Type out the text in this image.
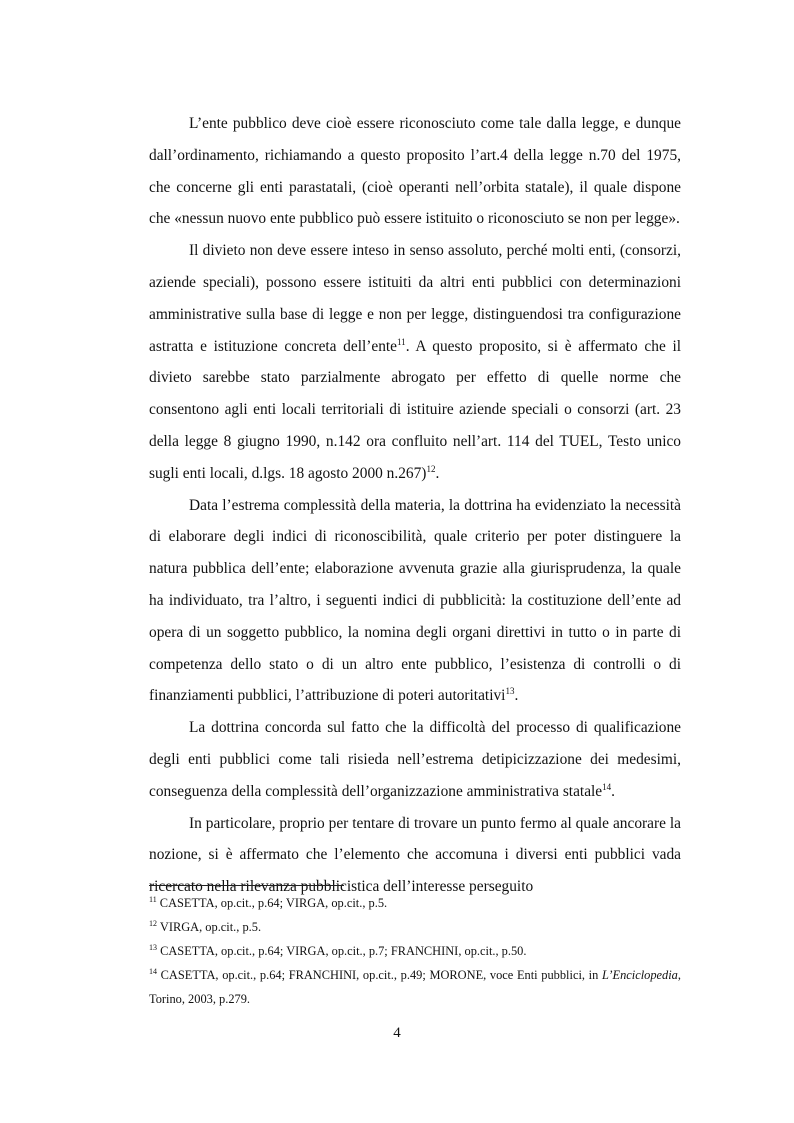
L’ente pubblico deve cioè essere riconosciuto come tale dalla legge, e dunque dall’ordinamento, richiamando a questo proposito l’art.4 della legge n.70 del 1975, che concerne gli enti parastatali, (cioè operanti nell’orbita statale), il quale dispone che «nessun nuovo ente pubblico può essere istituito o riconosciuto se non per legge».

Il divieto non deve essere inteso in senso assoluto, perché molti enti, (consorzi, aziende speciali), possono essere istituiti da altri enti pubblici con determinazioni amministrative sulla base di legge e non per legge, distinguendosi tra configurazione astratta e istituzione concreta dell’ente$^{11}$. A questo proposito, si è affermato che il divieto sarebbe stato parzialmente abrogato per effetto di quelle norme che consentono agli enti locali territoriali di istituire aziende speciali o consorzi (art. 23 della legge 8 giugno 1990, n.142 ora confluito nell’art. 114 del TUEL, Testo unico sugli enti locali, d.lgs. 18 agosto 2000 n.267)$^{12}$.

Data l’estrema complessità della materia, la dottrina ha evidenziato la necessità di elaborare degli indici di riconoscibilità, quale criterio per poter distinguere la natura pubblica dell’ente; elaborazione avvenuta grazie alla giurisprudenza, la quale ha individuato, tra l’altro, i seguenti indici di pubblicità: la costituzione dell’ente ad opera di un soggetto pubblico, la nomina degli organi direttivi in tutto o in parte di competenza dello stato o di un altro ente pubblico, l’esistenza di controlli o di finanziamenti pubblici, l’attribuzione di poteri autoritativi$^{13}$.

La dottrina concorda sul fatto che la difficoltà del processo di qualificazione degli enti pubblici come tali risieda nell’estrema detipicizzazione dei medesimi, conseguenza della complessità dell’organizzazione amministrativa statale$^{14}$.

In particolare, proprio per tentare di trovare un punto fermo al quale ancorare la nozione, si è affermato che l’elemento che accomuna i diversi enti pubblici vada ricercato nella rilevanza pubblicistica dell’interesse perseguito

$^{11}$ CASETTA, op.cit., p.64; VIRGA, op.cit., p.5.

$^{12}$ VIRGA, op.cit., p.5.

$^{13}$ CASETTA, op.cit., p.64; VIRGA, op.cit., p.7; FRANCHINI, op.cit., p.50.

$^{14}$ CASETTA, op.cit., p.64; FRANCHINI, op.cit., p.49; MORONE, voce Enti pubblici, in L’Enciclopedia, Torino, 2003, p.279.

4
